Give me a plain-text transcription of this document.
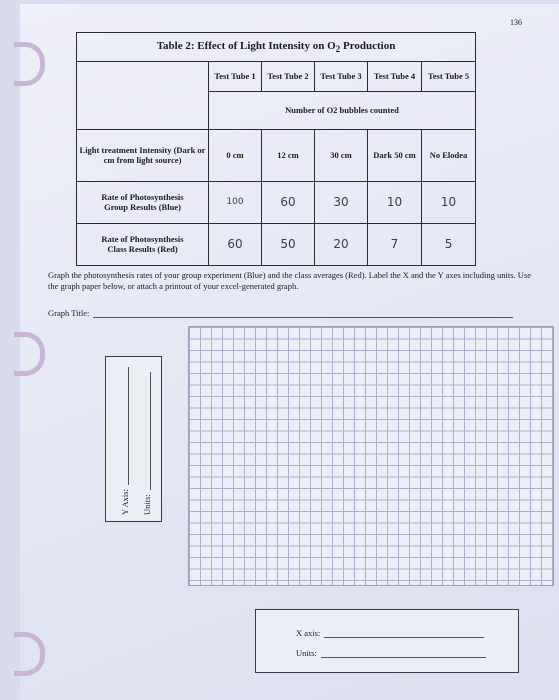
136
Table 2: Effect of Light Intensity on $O_2$ Production					
	Test Tube 1	Test Tube 2	Test Tube 3	Test Tube 4	Test Tube 5
	Number of O2 bubbles counted				
Light treatment Intensity (Dark or cm from light source)	0 cm	12 cm	30 cm	Dark 50 cm	No Elodea
Rate of Photosynthesis
Group Results (Blue)	100	60	30	10	10
Rate of Photosynthesis
Class Results (Red)	60	50	20	7	5
Graph the photosynthesis rates of your group experiment (Blue) and the class averages (Red). Label the X and the Y axes including units. Use the graph paper below, or attach a printout of your excel-generated graph.
Graph Title:
Y Axis: Units:
X axis:
Units:
